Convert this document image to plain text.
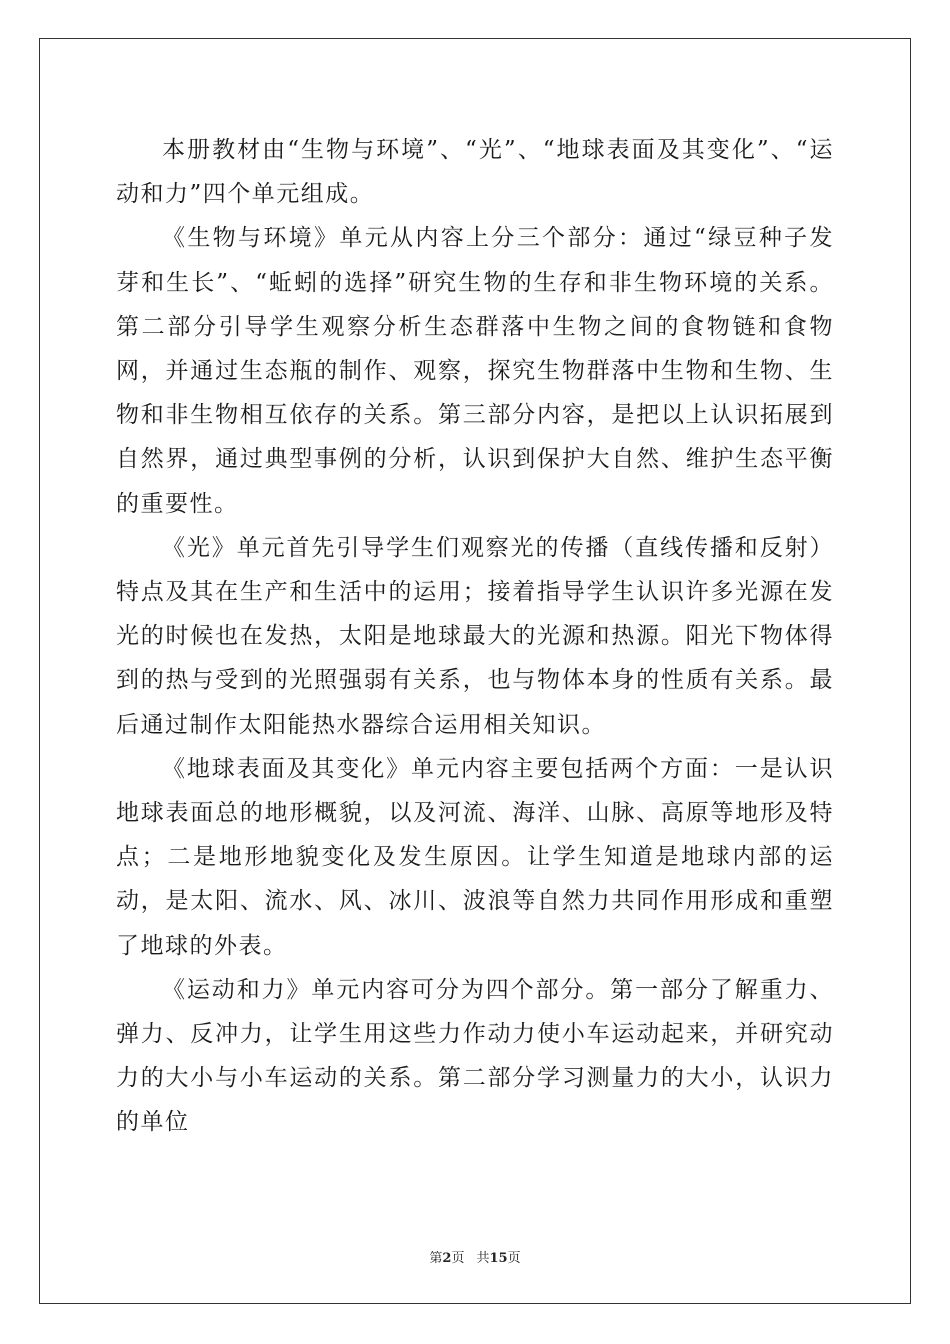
本册教材由“生物与环境”、“光”、“地球表面及其变化”、“运动和力”四个单元组成。

《生物与环境》单元从内容上分三个部分：通过“绿豆种子发芽和生长”、“蚯蚓的选择”研究生物的生存和非生物环境的关系。第二部分引导学生观察分析生态群落中生物之间的食物链和食物网，并通过生态瓶的制作、观察，探究生物群落中生物和生物、生物和非生物相互依存的关系。第三部分内容，是把以上认识拓展到自然界，通过典型事例的分析，认识到保护大自然、维护生态平衡的重要性。

《光》单元首先引导学生们观察光的传播（直线传播和反射）特点及其在生产和生活中的运用；接着指导学生认识许多光源在发光的时候也在发热，太阳是地球最大的光源和热源。阳光下物体得到的热与受到的光照强弱有关系，也与物体本身的性质有关系。最后通过制作太阳能热水器综合运用相关知识。

《地球表面及其变化》单元内容主要包括两个方面：一是认识地球表面总的地形概貌，以及河流、海洋、山脉、高原等地形及特点；二是地形地貌变化及发生原因。让学生知道是地球内部的运动，是太阳、流水、风、冰川、波浪等自然力共同作用形成和重塑了地球的外表。

《运动和力》单元内容可分为四个部分。第一部分了解重力、弹力、反冲力，让学生用这些力作动力使小车运动起来，并研究动力的大小与小车运动的关系。第二部分学习测量力的大小，认识力的单位

第2页 共15页
